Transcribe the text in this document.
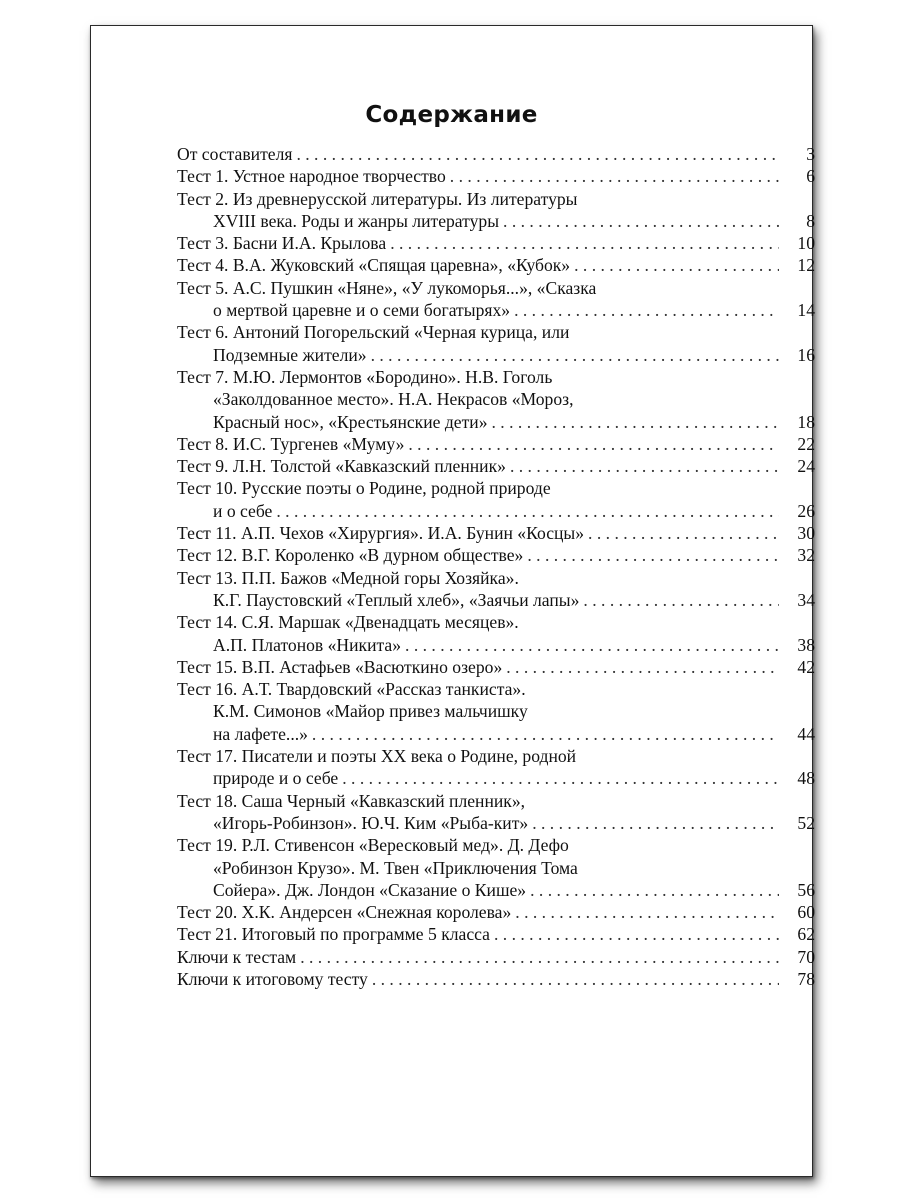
Содержание
От составителя . . .	3
Тест 1. Устное народное творчество . . .	6
Тест 2. Из древнерусской литературы. Из литературы
XVIII века. Роды и жанры литературы . . .	8
Тест 3. Басни И.А. Крылова . . .	10
Тест 4. В.А. Жуковский «Спящая царевна», «Кубок» . . .	12
Тест 5. А.С. Пушкин «Няне», «У лукоморья...», «Сказка
о мертвой царевне и о семи богатырях» . . .	14
Тест 6. Антоний Погорельский «Черная курица, или
Подземные жители» . . .	16
Тест 7. М.Ю. Лермонтов «Бородино». Н.В. Гоголь
«Заколдованное место». Н.А. Некрасов «Мороз,
Красный нос», «Крестьянские дети» . . .	18
Тест 8. И.С. Тургенев «Муму» . . .	22
Тест 9. Л.Н. Толстой «Кавказский пленник» . . .	24
Тест 10. Русские поэты о Родине, родной природе
и о себе . . .	26
Тест 11. А.П. Чехов «Хирургия». И.А. Бунин «Косцы» . . .	30
Тест 12. В.Г. Короленко «В дурном обществе» . . .	32
Тест 13. П.П. Бажов «Медной горы Хозяйка».
К.Г. Паустовский «Теплый хлеб», «Заячьи лапы» . . .	34
Тест 14. С.Я. Маршак «Двенадцать месяцев».
А.П. Платонов «Никита» . . .	38
Тест 15. В.П. Астафьев «Васюткино озеро» . . .	42
Тест 16. А.Т. Твардовский «Рассказ танкиста».
К.М. Симонов «Майор привез мальчишку
на лафете...» . . .	44
Тест 17. Писатели и поэты XX века о Родине, родной
природе и о себе . . .	48
Тест 18. Саша Черный «Кавказский пленник»,
«Игорь-Робинзон». Ю.Ч. Ким «Рыба-кит» . . .	52
Тест 19. Р.Л. Стивенсон «Вересковый мед». Д. Дефо
«Робинзон Крузо». М. Твен «Приключения Тома
Сойера». Дж. Лондон «Сказание о Кише» . . .	56
Тест 20. Х.К. Андерсен «Снежная королева» . . .	60
Тест 21. Итоговый по программе 5 класса . . .	62
Ключи к тестам . . .	70
Ключи к итоговому тесту . . .	78
